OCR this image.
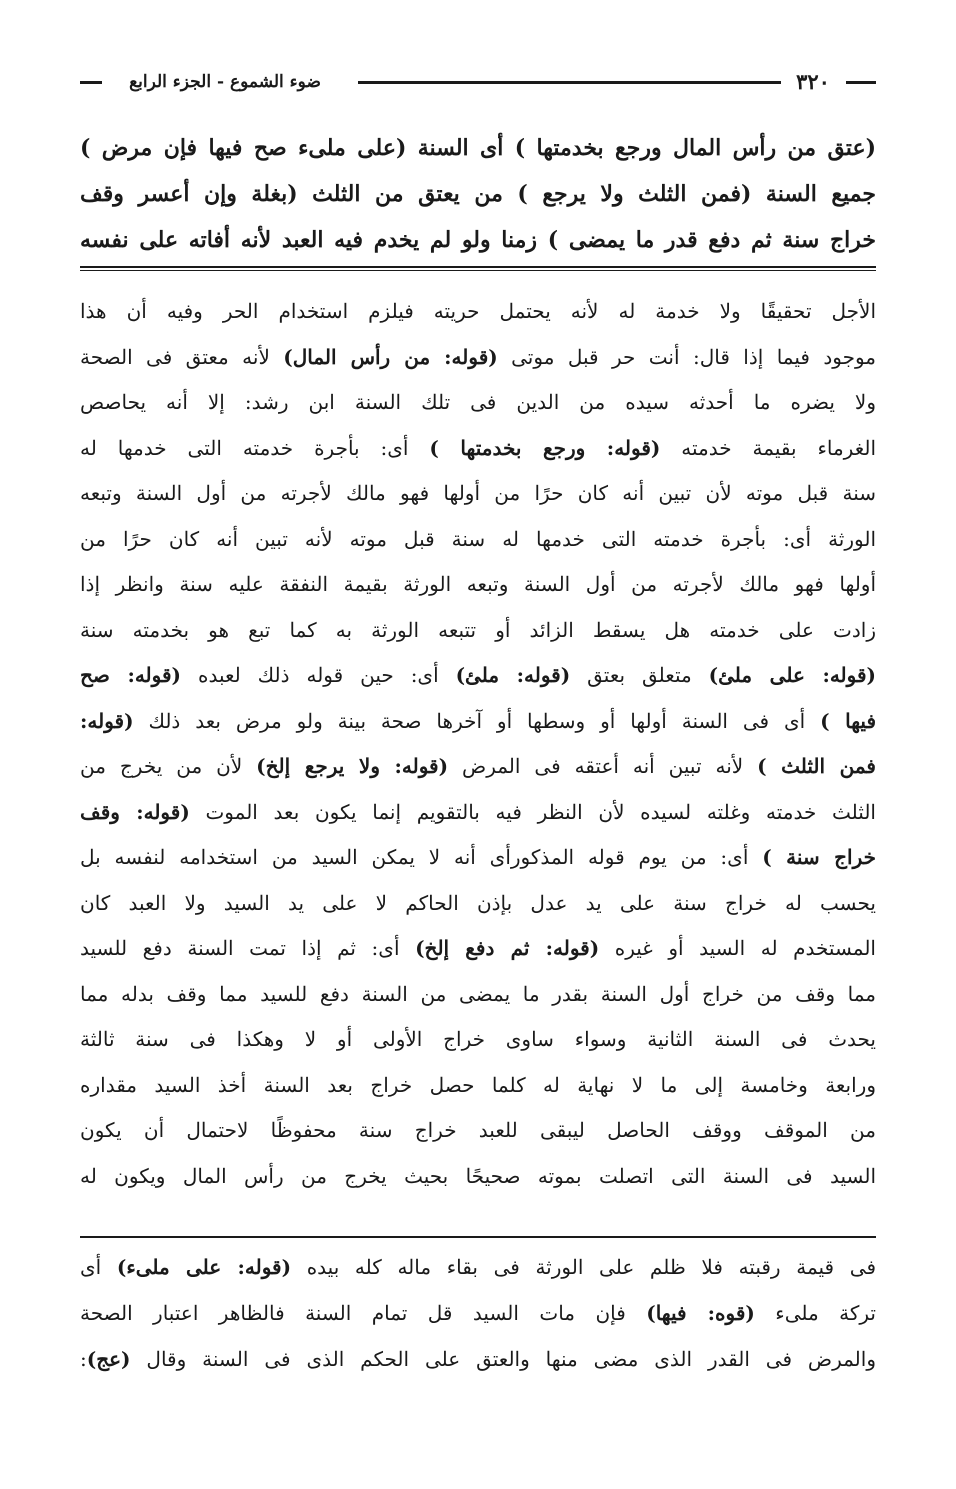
٣٢٠
ضوء الشموع - الجزء الرابع
(عتق من رأس المال ورجع بخدمتها ) أى السنة (على ملىء صح فيها فإن مرض )
جميع السنة (فمن الثلث ولا يرجع ) من يعتق من الثلث (بغلة وإن أعسر وقف
خراج سنة ثم دفع قدر ما يمضى ) زمنا ولو لم يخدم فيه العبد لأنه أفاته على نفسه
الأجل تحقيقًا ولا خدمة له لأنه يحتمل حريته فيلزم استخدام الحر وفيه أن هذا
موجود فيما إذا قال: أنت حر قبل موتى (قوله: من رأس المال) لأنه معتق فى الصحة
ولا يضره ما أحدثه سيده من الدين فى تلك السنة ابن رشد: إلا أنه يحاصص
الغرماء بقيمة خدمته (قوله: ورجع بخدمتها ) أى: بأجرة خدمته التى خدمها له
سنة قبل موته لأن تبين أنه كان حرًا من أولها فهو مالك لأجرته من أول السنة وتبعه
الورثة أى: بأجرة خدمته التى خدمها له سنة قبل موته لأنه تبين أنه كان حرًا من
أولها فهو مالك لأجرته من أول السنة وتبعه الورثة بقيمة النفقة عليه سنة وانظر إذا
زادت على خدمته هل يسقط الزائد أو تتبعه الورثة به كما تبع هو بخدمته سنة
(قوله: على ملئ) متعلق بعتق (قوله: ملئ) أى: حين قوله ذلك لعبده (قوله: صح
فيها ) أى فى السنة أولها أو وسطها أو آخرها صحة بينة ولو مرض بعد ذلك (قوله:
فمن الثلث ) لأنه تبين أنه أعتقه فى المرض (قوله: ولا يرجع إلخ) لأن من يخرج من
الثلث خدمته وغلته لسيده لأن النظر فيه بالتقويم إنما يكون بعد الموت (قوله: وقف
خراج سنة ) أى: من يوم قوله المذكورأى أنه لا يمكن السيد من استخدامه لنفسه بل
يحسب له خراج سنة على يد عدل بإذن الحاكم لا على يد السيد ولا العبد كان
المستخدم له السيد أو غيره (قوله: ثم دفع إلخ) أى: ثم إذا تمت السنة دفع للسيد
مما وقف من خراج أول السنة بقدر ما يمضى من السنة دفع للسيد مما وقف بدله مما
يحدث فى السنة الثانية وسواء ساوى خراج الأولى أو لا وهكذا فى سنة ثالثة
ورابعة وخامسة إلى ما لا نهاية له كلما حصل خراج بعد السنة أخذ السيد مقداره
من الموقف ووقف الحاصل ليبقى للعبد خراج سنة محفوظًا لاحتمال أن يكون
السيد فى السنة التى اتصلت بموته صحيحًا بحيث يخرج من رأس المال ويكون له
فى قيمة رقبته فلا ظلم على الورثة فى بقاء ماله كله بيده (قوله: على ملىء) أى
تركة ملىء (قوه: فيها) فإن مات السيد قل تمام السنة فالظاهر اعتبار الصحة
والمرض فى القدر الذى مضى منها والعتق على الحكم الذى فى السنة وقال (عج):
